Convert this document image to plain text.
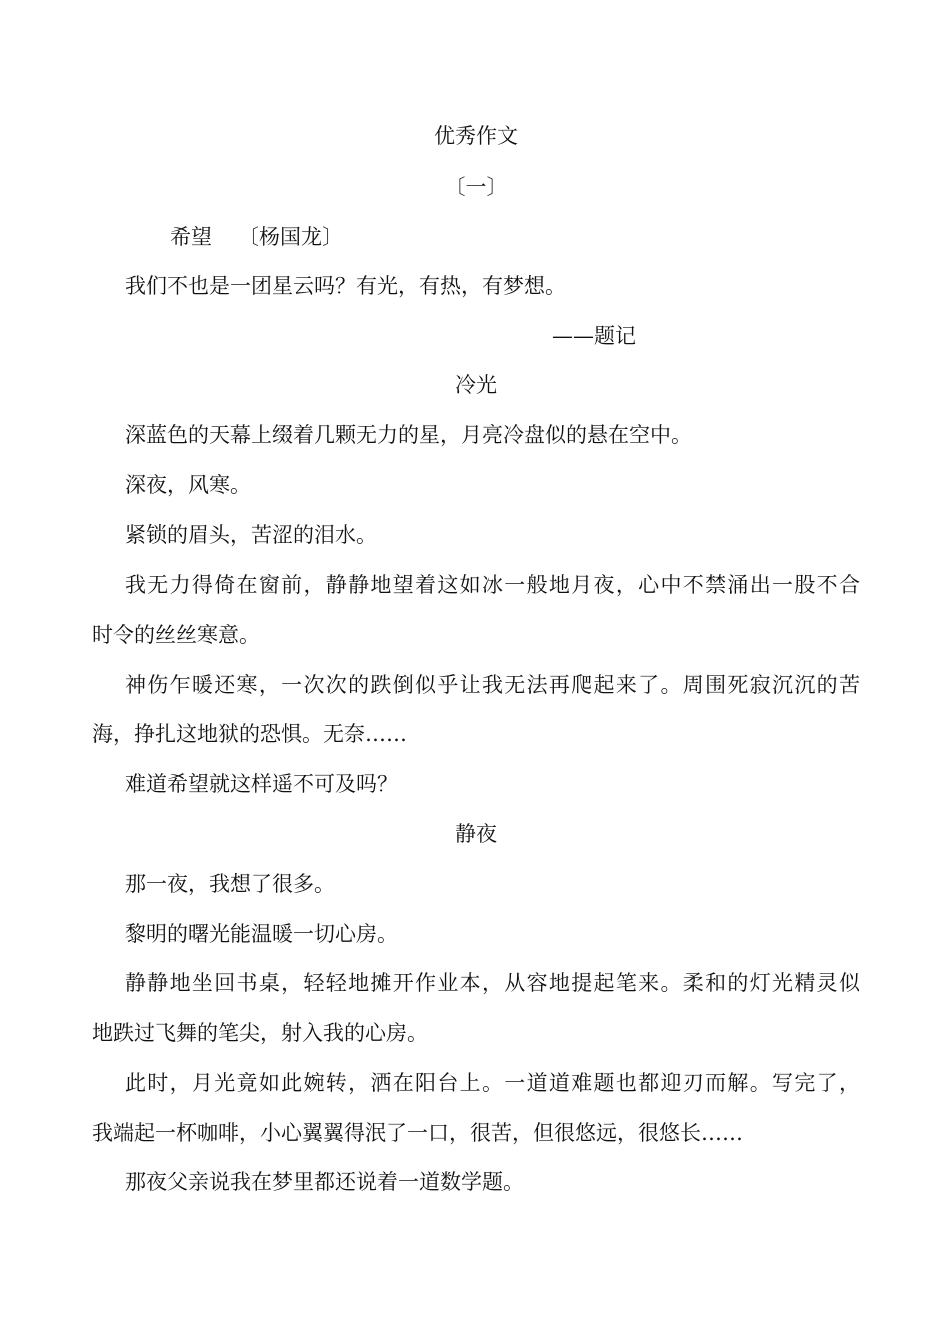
优秀作文
〔一〕
希望 〔杨国龙〕
我们不也是一团星云吗？有光，有热，有梦想。
——题记
冷光
深蓝色的天幕上缀着几颗无力的星，月亮冷盘似的悬在空中。
深夜，风寒。
紧锁的眉头，苦涩的泪水。
我无力得倚在窗前，静静地望着这如冰一般地月夜，心中不禁涌出一股不合
时令的丝丝寒意。
神伤乍暖还寒，一次次的跌倒似乎让我无法再爬起来了。周围死寂沉沉的苦
海，挣扎这地狱的恐惧。无奈……
难道希望就这样遥不可及吗？
静夜
那一夜，我想了很多。
黎明的曙光能温暖一切心房。
静静地坐回书桌，轻轻地摊开作业本，从容地提起笔来。柔和的灯光精灵似
地跌过飞舞的笔尖，射入我的心房。
此时，月光竟如此婉转，洒在阳台上。一道道难题也都迎刃而解。写完了，
我端起一杯咖啡，小心翼翼得泯了一口，很苦，但很悠远，很悠长……
那夜父亲说我在梦里都还说着一道数学题。
